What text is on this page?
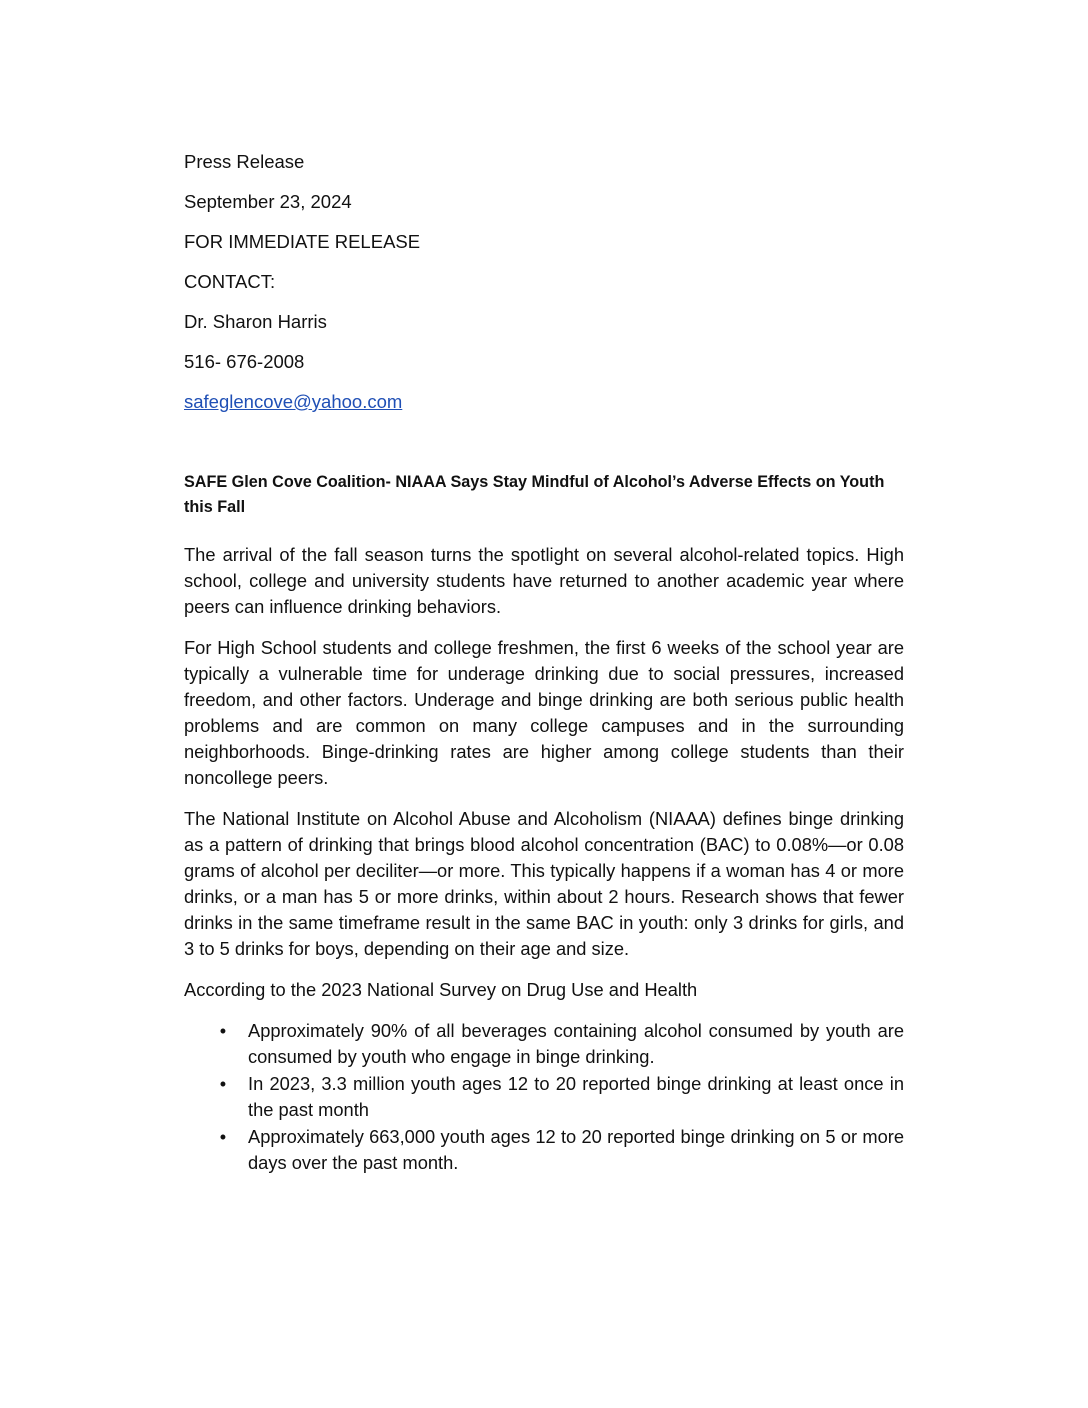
Press Release
September 23, 2024
FOR IMMEDIATE RELEASE
CONTACT:
Dr. Sharon Harris
516- 676-2008
safeglencove@yahoo.com
SAFE Glen Cove Coalition- NIAAA Says Stay Mindful of Alcohol’s Adverse Effects on Youth this Fall

The arrival of the fall season turns the spotlight on several alcohol-related topics. High school, college and university students have returned to another academic year where peers can influence drinking behaviors.

For High School students and college freshmen, the first 6 weeks of the school year are typically a vulnerable time for underage drinking due to social pressures, increased freedom, and other factors. Underage and binge drinking are both serious public health problems and are common on many college campuses and in the surrounding neighborhoods. Binge-drinking rates are higher among college students than their noncollege peers.

The National Institute on Alcohol Abuse and Alcoholism (NIAAA) defines binge drinking as a pattern of drinking that brings blood alcohol concentration (BAC) to 0.08%—or 0.08 grams of alcohol per deciliter—or more. This typically happens if a woman has 4 or more drinks, or a man has 5 or more drinks, within about 2 hours. Research shows that fewer drinks in the same timeframe result in the same BAC in youth: only 3 drinks for girls, and 3 to 5 drinks for boys, depending on their age and size.

According to the 2023 National Survey on Drug Use and Health

• Approximately 90% of all beverages containing alcohol consumed by youth are consumed by youth who engage in binge drinking.
• In 2023, 3.3 million youth ages 12 to 20 reported binge drinking at least once in the past month
• Approximately 663,000 youth ages 12 to 20 reported binge drinking on 5 or more days over the past month.
